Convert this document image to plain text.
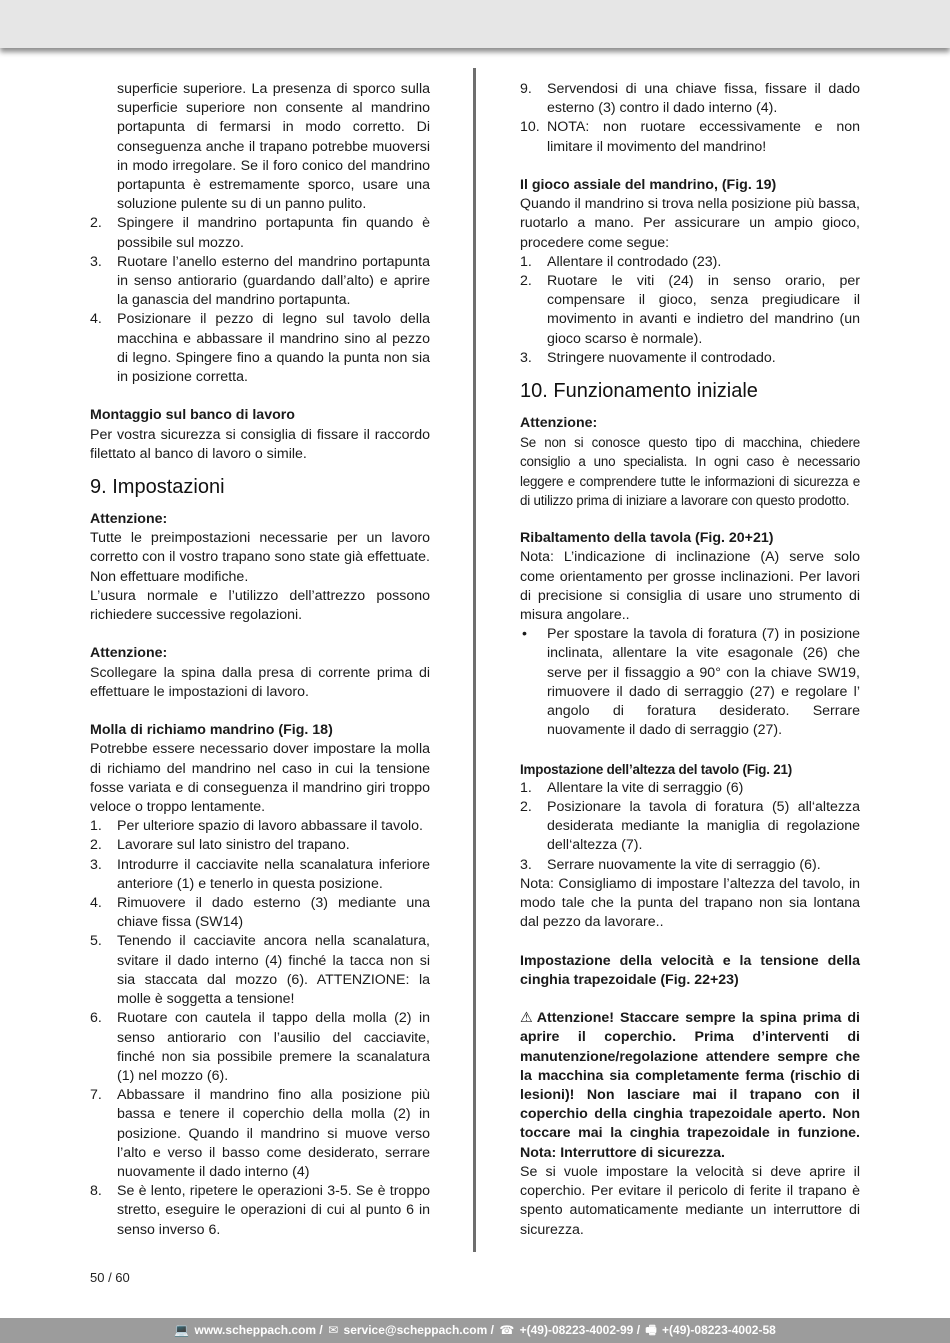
superficie superiore. La presenza di sporco sulla superficie superiore non consente al mandrino portapunta di fermarsi in modo corretto. Di conseguenza anche il trapano potrebbe muoversi in modo irregolare. Se il foro conico del mandrino portapunta è estremamente sporco, usare una soluzione pulente su di un panno pulito.

2. Spingere il mandrino portapunta fin quando è possibile sul mozzo.
3. Ruotare l’anello esterno del mandrino portapunta in senso antiorario (guardando dall’alto) e aprire la ganascia del mandrino portapunta.
4. Posizionare il pezzo di legno sul tavolo della macchina e abbassare il mandrino sino al pezzo di legno. Spingere fino a quando la punta non sia in posizione corretta.

Montaggio sul banco di lavoro

Per vostra sicurezza si consiglia di fissare il raccordo filettato al banco di lavoro o simile.

9. Impostazioni

Attenzione:

Tutte le preimpostazioni necessarie per un lavoro corretto con il vostro trapano sono state già effettuate. Non effettuare modifiche.

L’usura normale e l’utilizzo dell’attrezzo possono richiedere successive regolazioni.

Attenzione:

Scollegare la spina dalla presa di corrente prima di effettuare le impostazioni di lavoro.

Molla di richiamo mandrino (Fig. 18)

Potrebbe essere necessario dover impostare la molla di richiamo del mandrino nel caso in cui la tensione fosse variata e di conseguenza il mandrino giri troppo veloce o troppo lentamente.

1. Per ulteriore spazio di lavoro abbassare il tavolo.
2. Lavorare sul lato sinistro del trapano.
3. Introdurre il cacciavite nella scanalatura inferiore anteriore (1) e tenerlo in questa posizione.
4. Rimuovere il dado esterno (3) mediante una chiave fissa (SW14)
5. Tenendo il cacciavite ancora nella scanalatura, svitare il dado interno (4) finché la tacca non si sia staccata dal mozzo (6). ATTENZIONE: la molle è soggetta a tensione!
6. Ruotare con cautela il tappo della molla (2) in senso antiorario con l’ausilio del cacciavite, finché non sia possibile premere la scanalatura (1) nel mozzo (6).
7. Abbassare il mandrino fino alla posizione più bassa e tenere il coperchio della molla (2) in posizione. Quando il mandrino si muove verso l’alto e verso il basso come desiderato, serrare nuovamente il dado interno (4)
8. Se è lento, ripetere le operazioni 3-5. Se è troppo stretto, eseguire le operazioni di cui al punto 6 in senso inverso 6.
9. Servendosi di una chiave fissa, fissare il dado esterno (3) contro il dado interno (4).
10. NOTA: non ruotare eccessivamente e non limitare il movimento del mandrino!

Il gioco assiale del mandrino, (Fig. 19)

Quando il mandrino si trova nella posizione più bassa, ruotarlo a mano. Per assicurare un ampio gioco, procedere come segue:

1. Allentare il controdado (23).
2. Ruotare le viti (24) in senso orario, per compensare il gioco, senza pregiudicare il movimento in avanti e indietro del mandrino (un gioco scarso è normale).
3. Stringere nuovamente il controdado.
10. Funzionamento iniziale

Attenzione:

Se non si conosce questo tipo di macchina, chiedere consiglio a uno specialista. In ogni caso è necessario leggere e comprendere tutte le informazioni di sicurezza e di utilizzo prima di iniziare a lavorare con questo prodotto.

Ribaltamento della tavola (Fig. 20+21)

Nota: L’indicazione di inclinazione (A) serve solo come orientamento per grosse inclinazioni. Per lavori di precisione si consiglia di usare uno strumento di misura angolare..

• Per spostare la tavola di foratura (7) in posizione inclinata, allentare la vite esagonale (26) che serve per il fissaggio a 90° con la chiave SW19, rimuovere il dado di serraggio (27) e regolare l’ angolo di foratura desiderato. Serrare nuovamente il dado di serraggio (27).

Impostazione dell’altezza del tavolo (Fig. 21)

1. Allentare la vite di serraggio (6)
2. Posizionare la tavola di foratura (5) all‘altezza desiderata mediante la maniglia di regolazione dell‘altezza (7).
3. Serrare nuovamente la vite di serraggio (6).

Nota: Consigliamo di impostare l’altezza del tavolo, in modo tale che la punta del trapano non sia lontana dal pezzo da lavorare..

Impostazione della velocità e la tensione della cinghia trapezoidale (Fig. 22+23)

⚠ Attenzione! Staccare sempre la spina prima di aprire il coperchio. Prima d’interventi di manutenzione/regolazione attendere sempre che la macchina sia completamente ferma (rischio di lesioni)! Non lasciare mai il trapano con il coperchio della cinghia trapezoidale aperto. Non toccare mai la cinghia trapezoidale in funzione. Nota: Interruttore di sicurezza.

Se si vuole impostare la velocità si deve aprire il coperchio. Per evitare il pericolo di ferite il trapano è spento automaticamente mediante un interruttore di sicurezza.

50 / 60
💻 www.scheppach.com / ✉ service@scheppach.com / ☎ +(49)-08223-4002-99 / 🖷 +(49)-08223-4002-58
